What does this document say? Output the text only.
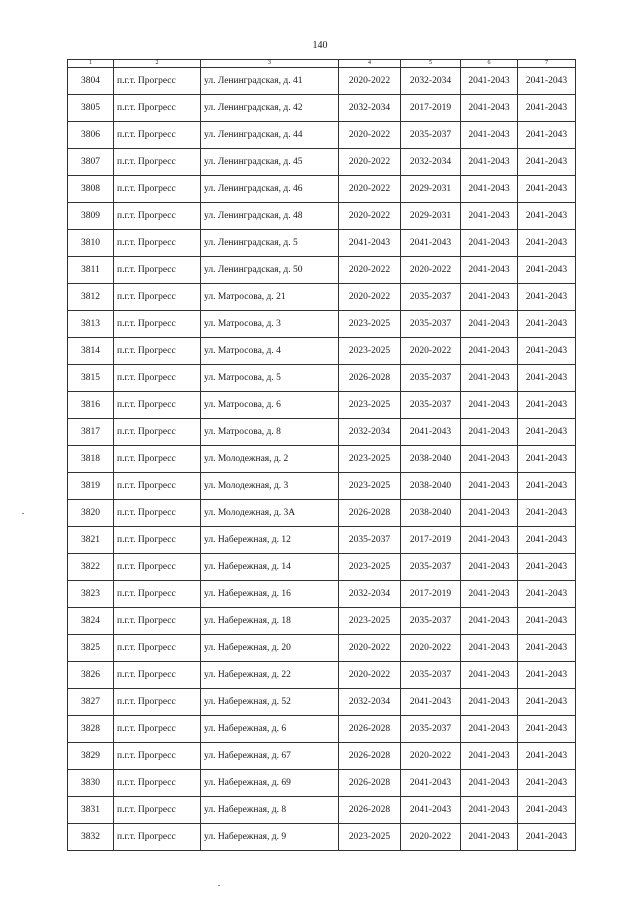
140
1	2	3	4	5	6	7
3804	п.г.т. Прогресс	ул. Ленинградская, д. 41	2020-2022	2032-2034	2041-2043	2041-2043
3805	п.г.т. Прогресс	ул. Ленинградская, д. 42	2032-2034	2017-2019	2041-2043	2041-2043
3806	п.г.т. Прогресс	ул. Ленинградская, д. 44	2020-2022	2035-2037	2041-2043	2041-2043
3807	п.г.т. Прогресс	ул. Ленинградская, д. 45	2020-2022	2032-2034	2041-2043	2041-2043
3808	п.г.т. Прогресс	ул. Ленинградская, д. 46	2020-2022	2029-2031	2041-2043	2041-2043
3809	п.г.т. Прогресс	ул. Ленинградская, д. 48	2020-2022	2029-2031	2041-2043	2041-2043
3810	п.г.т. Прогресс	ул. Ленинградская, д. 5	2041-2043	2041-2043	2041-2043	2041-2043
3811	п.г.т. Прогресс	ул. Ленинградская, д. 50	2020-2022	2020-2022	2041-2043	2041-2043
3812	п.г.т. Прогресс	ул. Матросова, д. 21	2020-2022	2035-2037	2041-2043	2041-2043
3813	п.г.т. Прогресс	ул. Матросова, д. 3	2023-2025	2035-2037	2041-2043	2041-2043
3814	п.г.т. Прогресс	ул. Матросова, д. 4	2023-2025	2020-2022	2041-2043	2041-2043
3815	п.г.т. Прогресс	ул. Матросова, д. 5	2026-2028	2035-2037	2041-2043	2041-2043
3816	п.г.т. Прогресс	ул. Матросова, д. 6	2023-2025	2035-2037	2041-2043	2041-2043
3817	п.г.т. Прогресс	ул. Матросова, д. 8	2032-2034	2041-2043	2041-2043	2041-2043
3818	п.г.т. Прогресс	ул. Молодежная, д. 2	2023-2025	2038-2040	2041-2043	2041-2043
3819	п.г.т. Прогресс	ул. Молодежная, д. 3	2023-2025	2038-2040	2041-2043	2041-2043
3820	п.г.т. Прогресс	ул. Молодежная, д. 3А	2026-2028	2038-2040	2041-2043	2041-2043
3821	п.г.т. Прогресс	ул. Набережная, д. 12	2035-2037	2017-2019	2041-2043	2041-2043
3822	п.г.т. Прогресс	ул. Набережная, д. 14	2023-2025	2035-2037	2041-2043	2041-2043
3823	п.г.т. Прогресс	ул. Набережная, д. 16	2032-2034	2017-2019	2041-2043	2041-2043
3824	п.г.т. Прогресс	ул. Набережная, д. 18	2023-2025	2035-2037	2041-2043	2041-2043
3825	п.г.т. Прогресс	ул. Набережная, д. 20	2020-2022	2020-2022	2041-2043	2041-2043
3826	п.г.т. Прогресс	ул. Набережная, д. 22	2020-2022	2035-2037	2041-2043	2041-2043
3827	п.г.т. Прогресс	ул. Набережная, д. 52	2032-2034	2041-2043	2041-2043	2041-2043
3828	п.г.т. Прогресс	ул. Набережная, д. 6	2026-2028	2035-2037	2041-2043	2041-2043
3829	п.г.т. Прогресс	ул. Набережная, д. 67	2026-2028	2020-2022	2041-2043	2041-2043
3830	п.г.т. Прогресс	ул. Набережная, д. 69	2026-2028	2041-2043	2041-2043	2041-2043
3831	п.г.т. Прогресс	ул. Набережная, д. 8	2026-2028	2041-2043	2041-2043	2041-2043
3832	п.г.т. Прогресс	ул. Набережная, д. 9	2023-2025	2020-2022	2041-2043	2041-2043
